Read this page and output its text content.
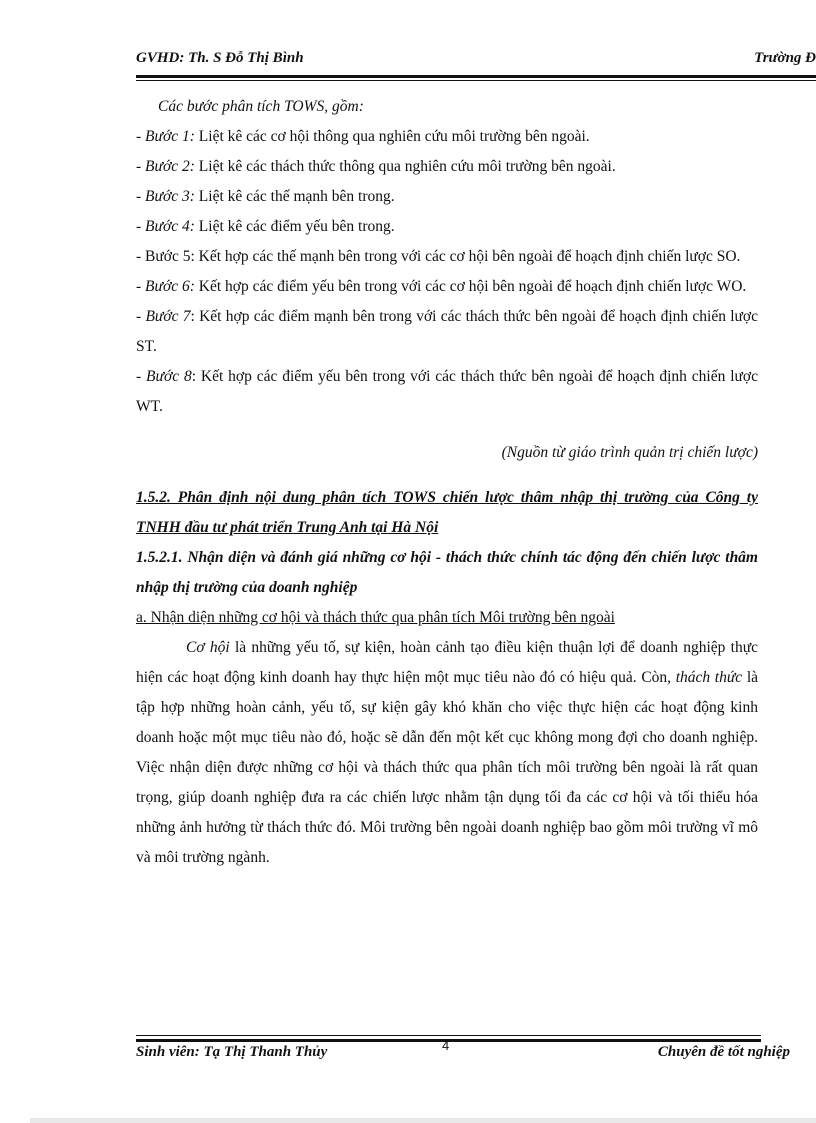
GVHD: Th. S Đỗ Thị Bình	Trường Đ

Các bước phân tích TOWS, gồm:

- Bước 1: Liệt kê các cơ hội thông qua nghiên cứu môi trường bên ngoài.

- Bước 2: Liệt kê các thách thức thông qua nghiên cứu môi trường bên ngoài.

- Bước 3: Liệt kê các thế mạnh bên trong.

- Bước 4: Liệt kê các điểm yếu bên trong.

- Bước 5: Kết hợp các thế mạnh bên trong với các cơ hội bên ngoài để hoạch định chiến lược SO.

- Bước 6: Kết hợp các điểm yếu bên trong với các cơ hội bên ngoài để hoạch định chiến lược WO.

- Bước 7: Kết hợp các điểm mạnh bên trong với các thách thức bên ngoài để hoạch định chiến lược ST.

- Bước 8: Kết hợp các điểm yếu bên trong với các thách thức bên ngoài để hoạch định chiến lược WT.

(Nguồn từ giáo trình quản trị chiến lược)

1.5.2. Phân định nội dung phân tích TOWS chiến lược thâm nhập thị trường của Công ty TNHH đầu tư phát triển Trung Anh tại Hà Nội

1.5.2.1. Nhận diện và đánh giá những cơ hội - thách thức chính tác động đến chiến lược thâm nhập thị trường của doanh nghiệp

a. Nhận diện những cơ hội và thách thức qua phân tích Môi trường bên ngoài

Cơ hội là những yếu tố, sự kiện, hoàn cảnh tạo điều kiện thuận lợi để doanh nghiệp thực hiện các hoạt động kinh doanh hay thực hiện một mục tiêu nào đó có hiệu quả. Còn, thách thức là tập hợp những hoàn cảnh, yếu tố, sự kiện gây khó khăn cho việc thực hiện các hoạt động kinh doanh hoặc một mục tiêu nào đó, hoặc sẽ dẫn đến một kết cục không mong đợi cho doanh nghiệp. Việc nhận diện được những cơ hội và thách thức qua phân tích môi trường bên ngoài là rất quan trọng, giúp doanh nghiệp đưa ra các chiến lược nhằm tận dụng tối đa các cơ hội và tối thiểu hóa những ảnh hưởng từ thách thức đó. Môi trường bên ngoài doanh nghiệp bao gồm môi trường vĩ mô và môi trường ngành.

Sinh viên: Tạ Thị Thanh Thủy	4	Chuyên đề tốt nghiệp
